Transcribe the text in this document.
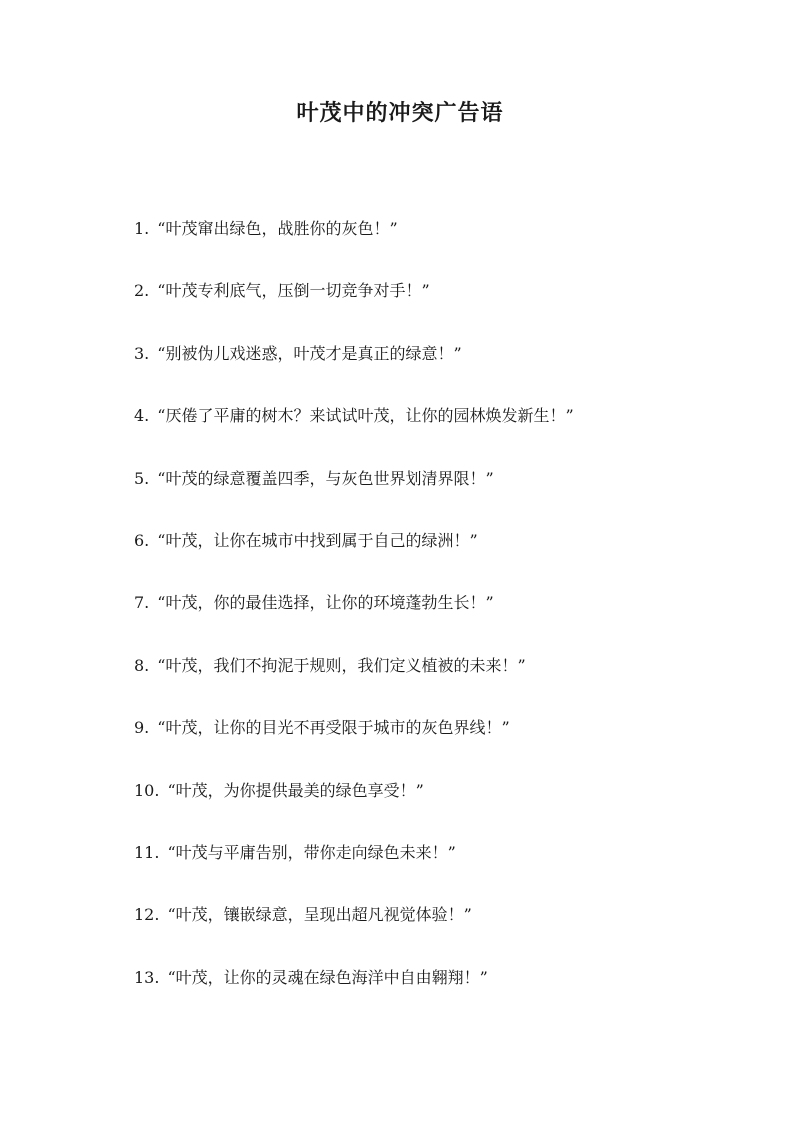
叶茂中的冲突广告语
1. “叶茂窜出绿色，战胜你的灰色！”
2. “叶茂专利底气，压倒一切竞争对手！”
3. “别被伪儿戏迷惑，叶茂才是真正的绿意！”
4. “厌倦了平庸的树木？来试试叶茂，让你的园林焕发新生！”
5. “叶茂的绿意覆盖四季，与灰色世界划清界限！”
6. “叶茂，让你在城市中找到属于自己的绿洲！”
7. “叶茂，你的最佳选择，让你的环境蓬勃生长！”
8. “叶茂，我们不拘泥于规则，我们定义植被的未来！”
9. “叶茂，让你的目光不再受限于城市的灰色界线！”
10. “叶茂，为你提供最美的绿色享受！”
11. “叶茂与平庸告别，带你走向绿色未来！”
12. “叶茂，镶嵌绿意，呈现出超凡视觉体验！”
13. “叶茂，让你的灵魂在绿色海洋中自由翱翔！”
